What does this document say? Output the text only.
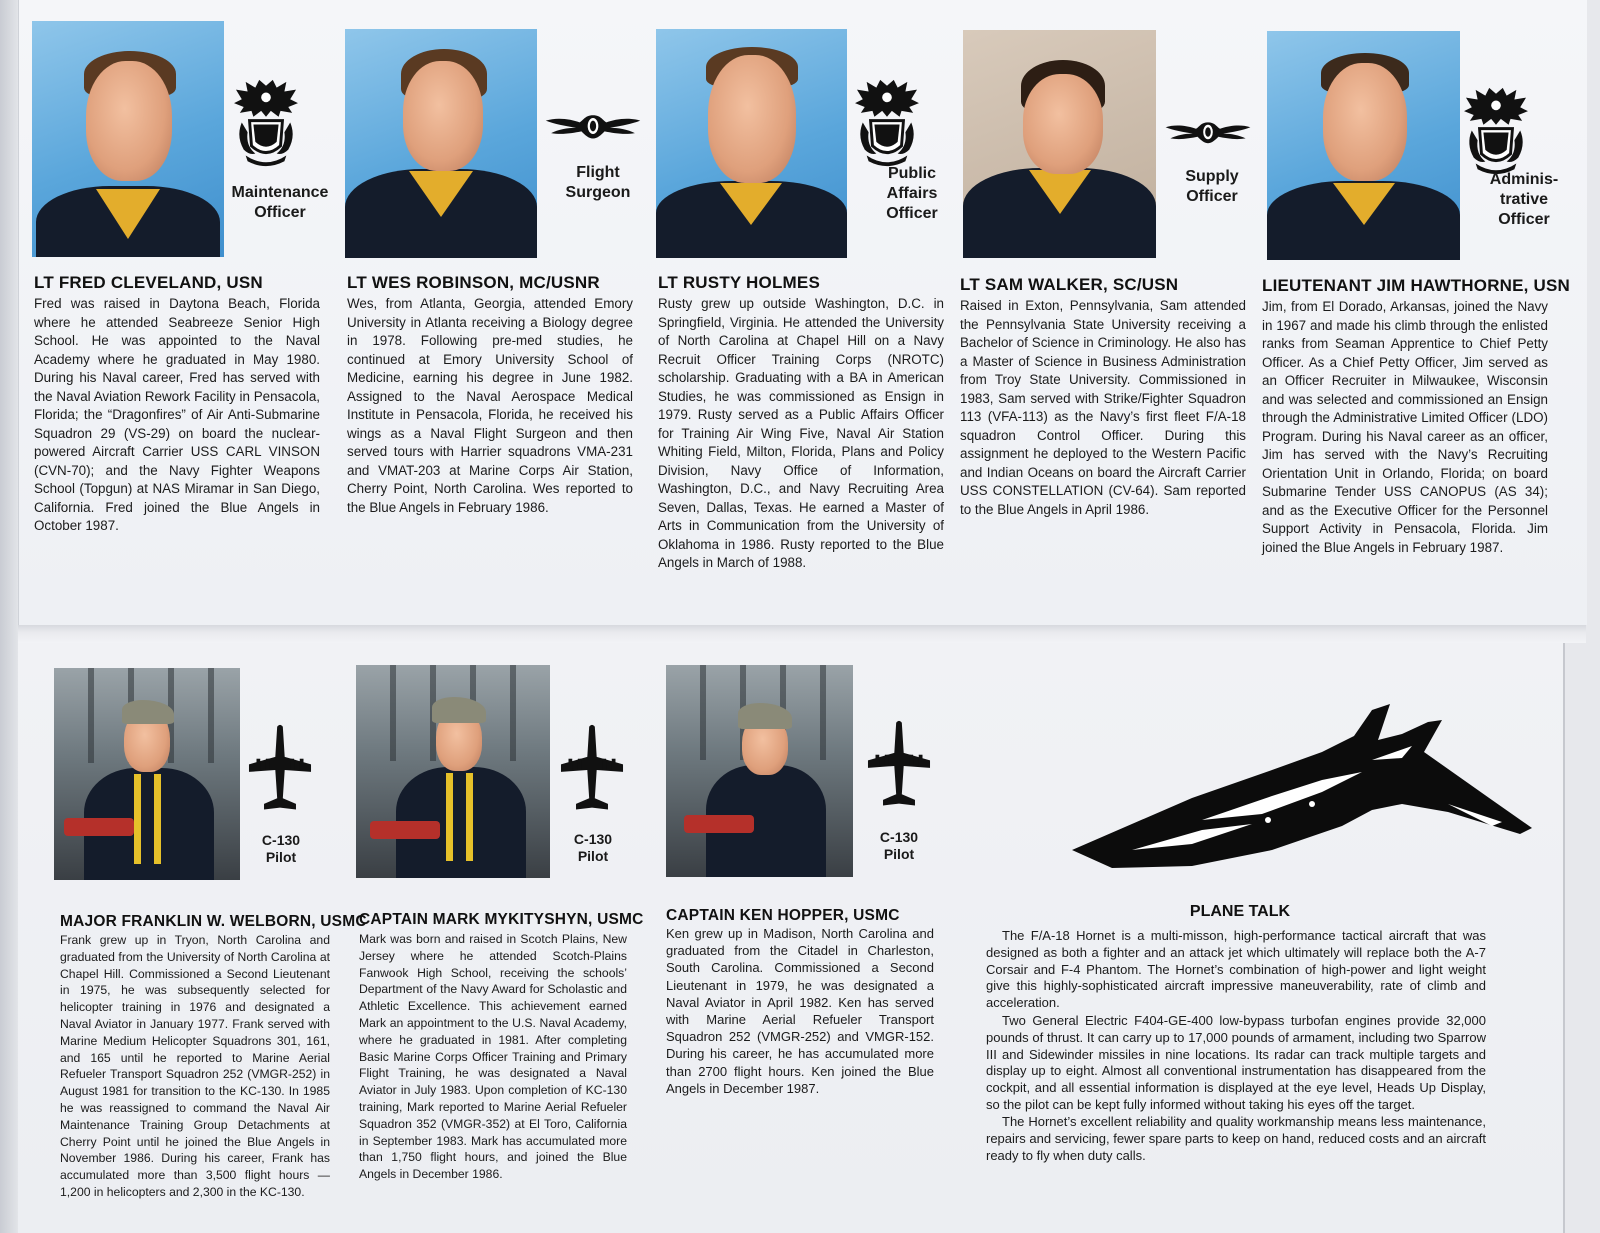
Maintenance
Officer
LT FRED CLEVELAND, USN

Fred was raised in Daytona Beach, Florida where he attended Seabreeze Senior High School. He was appointed to the Naval Academy where he graduated in May 1980. During his Naval career, Fred has served with the Naval Aviation Rework Facility in Pensacola, Florida; the “Dragonfires” of Air Anti-Submarine Squadron 29 (VS-29) on board the nuclear-powered Aircraft Carrier USS CARL VINSON (CVN-70); and the Navy Fighter Weapons School (Topgun) at NAS Miramar in San Diego, California. Fred joined the Blue Angels in October 1987.

Flight
Surgeon
LT WES ROBINSON, MC/USNR

Wes, from Atlanta, Georgia, attended Emory University in Atlanta receiving a Biology degree in 1978. Following pre-med studies, he continued at Emory University School of Medicine, earning his degree in June 1982. Assigned to the Naval Aerospace Medical Institute in Pensacola, Florida, he received his wings as a Naval Flight Surgeon and then served tours with Harrier squadrons VMA-231 and VMAT-203 at Marine Corps Air Station, Cherry Point, North Carolina. Wes reported to the Blue Angels in February 1986.

Public
Affairs
Officer
LT RUSTY HOLMES

Rusty grew up outside Washington, D.C. in Springfield, Virginia. He attended the University of North Carolina at Chapel Hill on a Navy Recruit Officer Training Corps (NROTC) scholarship. Graduating with a BA in American Studies, he was commissioned as Ensign in 1979. Rusty served as a Public Affairs Officer for Training Air Wing Five, Naval Air Station Whiting Field, Milton, Florida, Plans and Policy Division, Navy Office of Information, Washington, D.C., and Navy Recruiting Area Seven, Dallas, Texas. He earned a Master of Arts in Communication from the University of Oklahoma in 1986. Rusty reported to the Blue Angels in March of 1988.

Supply
Officer
LT SAM WALKER, SC/USN

Raised in Exton, Pennsylvania, Sam attended the Pennsylvania State University receiving a Bachelor of Science in Criminology. He also has a Master of Science in Business Administration from Troy State University. Commissioned in 1983, Sam served with Strike/Fighter Squadron 113 (VFA-113) as the Navy’s first fleet F/A-18 squadron Control Officer. During this assignment he deployed to the Western Pacific and Indian Oceans on board the Aircraft Carrier USS CONSTELLATION (CV-64). Sam reported to the Blue Angels in April 1986.

Adminis-
trative
Officer
LIEUTENANT JIM HAWTHORNE, USN

Jim, from El Dorado, Arkansas, joined the Navy in 1967 and made his climb through the enlisted ranks from Seaman Apprentice to Chief Petty Officer. As a Chief Petty Officer, Jim served as an Officer Recruiter in Milwaukee, Wisconsin and was selected and commissioned an Ensign through the Administrative Limited Officer (LDO) Program. During his Naval career as an officer, Jim has served with the Navy’s Recruiting Orientation Unit in Orlando, Florida; on board Submarine Tender USS CANOPUS (AS 34); and as the Executive Officer for the Personnel Support Activity in Pensacola, Florida. Jim joined the Blue Angels in February 1987.

C-130
Pilot
MAJOR FRANKLIN W. WELBORN, USMC

Frank grew up in Tryon, North Carolina and graduated from the University of North Carolina at Chapel Hill. Commissioned a Second Lieutenant in 1975, he was subsequently selected for helicopter training in 1976 and designated a Naval Aviator in January 1977. Frank served with Marine Medium Helicopter Squadrons 301, 161, and 165 until he reported to Marine Aerial Refueler Transport Squadron 252 (VMGR-252) in August 1981 for transition to the KC-130. In 1985 he was reassigned to command the Naval Air Maintenance Training Group Detachments at Cherry Point until he joined the Blue Angels in November 1986. During his career, Frank has accumulated more than 3,500 flight hours — 1,200 in helicopters and 2,300 in the KC-130.

C-130
Pilot
CAPTAIN MARK MYKITYSHYN, USMC

Mark was born and raised in Scotch Plains, New Jersey where he attended Scotch-Plains Fanwook High School, receiving the schools’ Department of the Navy Award for Scholastic and Athletic Excellence. This achievement earned Mark an appointment to the U.S. Naval Academy, where he graduated in 1981. After completing Basic Marine Corps Officer Training and Primary Flight Training, he was designated a Naval Aviator in July 1983. Upon completion of KC-130 training, Mark reported to Marine Aerial Refueler Squadron 352 (VMGR-352) at El Toro, California in September 1983. Mark has accumulated more than 1,750 flight hours, and joined the Blue Angels in December 1986.

C-130
Pilot
CAPTAIN KEN HOPPER, USMC

Ken grew up in Madison, North Carolina and graduated from the Citadel in Charleston, South Carolina. Commissioned a Second Lieutenant in 1979, he was designated a Naval Aviator in April 1982. Ken has served with Marine Aerial Refueler Transport Squadron 252 (VMGR-252) and VMGR-152. During his career, he has accumulated more than 2700 flight hours. Ken joined the Blue Angels in December 1987.

PLANE TALK

The F/A-18 Hornet is a multi-misson, high-performance tactical aircraft that was designed as both a fighter and an attack jet which ultimately will replace both the A-7 Corsair and F-4 Phantom. The Hornet’s combination of high-power and light weight give this highly-sophisticated aircraft impressive maneuverability, rate of climb and acceleration.

Two General Electric F404-GE-400 low-bypass turbofan engines provide 32,000 pounds of thrust. It can carry up to 17,000 pounds of armament, including two Sparrow III and Sidewinder missiles in nine locations. Its radar can track multiple targets and display up to eight. Almost all conventional instrumentation has disappeared from the cockpit, and all essential information is displayed at the eye level, Heads Up Display, so the pilot can be kept fully informed without taking his eyes off the target.

The Hornet’s excellent reliability and quality workmanship means less maintenance, repairs and servicing, fewer spare parts to keep on hand, reduced costs and an aircraft ready to fly when duty calls.
